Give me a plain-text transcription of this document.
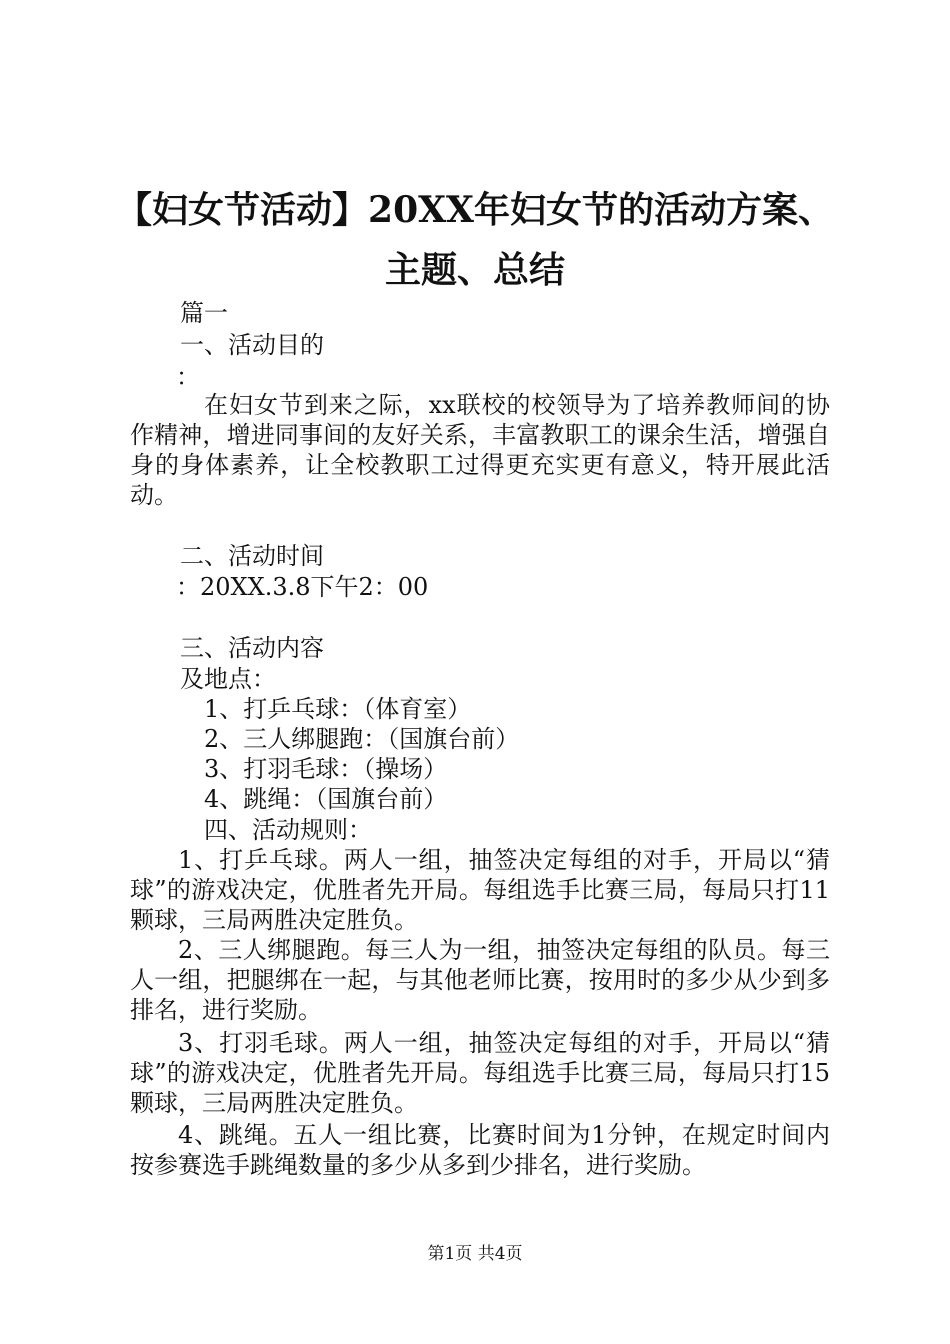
【妇女节活动】20XX年妇女节的活动方案、
主题、总结
篇一
一、活动目的
：

在妇女节到来之际，xx联校的校领导为了培养教师间的协作精神，增进同事间的友好关系，丰富教职工的课余生活，增强自身的身体素养，让全校教职工过得更充实更有意义，特开展此活动。

二、活动时间
：20XX.3.8下午2：00
三、活动内容
及地点：
1、打乒乓球：（体育室）
2、三人绑腿跑：（国旗台前）
3、打羽毛球：（操场）
4、跳绳：（国旗台前）
四、活动规则：

1、打乒乓球。两人一组，抽签决定每组的对手，开局以“猜球”的游戏决定，优胜者先开局。每组选手比赛三局，每局只打11颗球，三局两胜决定胜负。

2、三人绑腿跑。每三人为一组，抽签决定每组的队员。每三人一组，把腿绑在一起，与其他老师比赛，按用时的多少从少到多排名，进行奖励。

3、打羽毛球。两人一组，抽签决定每组的对手，开局以“猜球”的游戏决定，优胜者先开局。每组选手比赛三局，每局只打15颗球，三局两胜决定胜负。

4、跳绳。五人一组比赛，比赛时间为1分钟，在规定时间内按参赛选手跳绳数量的多少从多到少排名，进行奖励。

第1页 共4页
